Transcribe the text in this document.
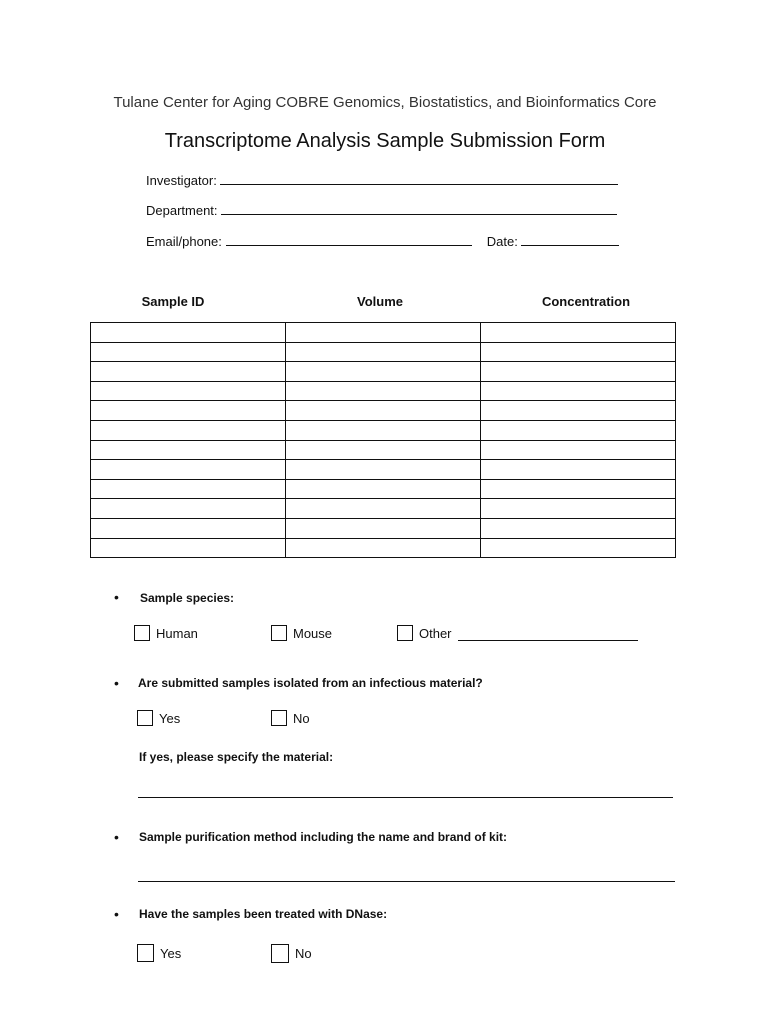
Tulane Center for Aging COBRE Genomics, Biostatistics, and Bioinformatics Core
Transcriptome Analysis Sample Submission Form
Investigator:
Department:
Email/phone:	Date:
Sample ID	Volume	Concentration

• Sample species:
Human	Mouse	Other
• Are submitted samples isolated from an infectious material?
Yes	No
If yes, please specify the material:
• Sample purification method including the name and brand of kit:
• Have the samples been treated with DNase:
Yes	No
